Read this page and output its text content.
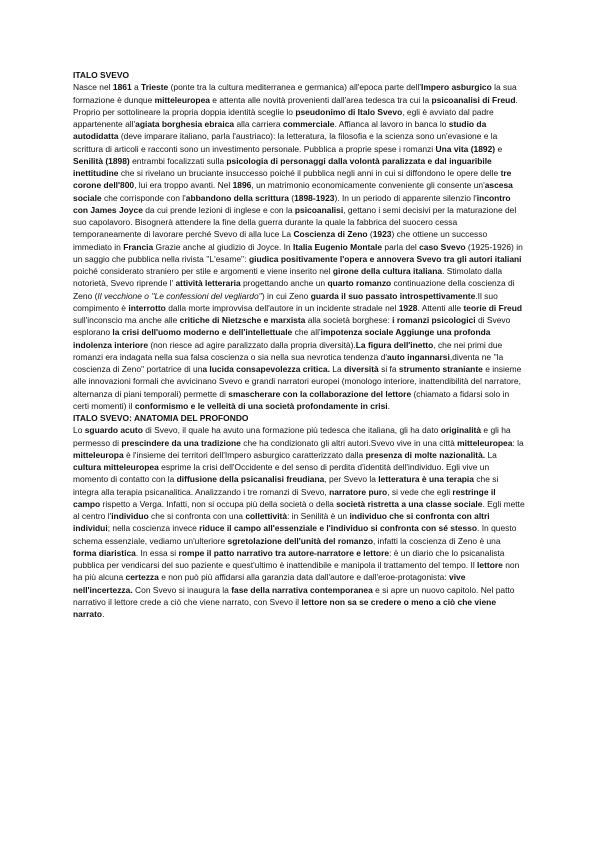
ITALO SVEVO

Nasce nel 1861 a Trieste (ponte tra la cultura mediterranea e germanica) all'epoca parte dell'Impero asburgico la sua formazione è dunque mitteleuropea e attenta alle novità provenienti dall'area tedesca tra cui la psicoanalisi di Freud. Proprio per sottolineare la propria doppia identità sceglie lo pseudonimo di Italo Svevo, egli è avviato dal padre appartenente all'agiata borghesia ebraica alla carriera commerciale. Affianca al lavoro in banca lo studio da autodidatta (deve imparare italiano, parla l'austriaco): la letteratura, la filosofia e la scienza sono un'evasione e la scrittura di articoli e racconti sono un investimento personale. Pubblica a proprie spese i romanzi Una vita (1892) e Senilità (1898) entrambi focalizzati sulla psicologia di personaggi dalla volontà paralizzata e dal inguaribile inettitudine che si rivelano un bruciante insuccesso poiché il pubblica negli anni in cui si diffondono le opere delle tre corone dell'800, lui era troppo avanti. Nel 1896, un matrimonio economicamente conveniente gli consente un'ascesa sociale che corrisponde con l'abbandono della scrittura (1898-1923). In un periodo di apparente silenzio l'incontro con James Joyce da cui prende lezioni di inglese e con la psicoanalisi, gettano i semi decisivi per la maturazione del suo capolavoro. Bisognerà attendere la fine della guerra durante la quale la fabbrica del suocero cessa temporaneamente di lavorare perché Svevo di alla luce La Coscienza di Zeno (1923) che ottiene un successo immediato in Francia Grazie anche al giudizio di Joyce. In Italia Eugenio Montale parla del caso Svevo (1925-1926) in un saggio che pubblica nella rivista ''L'esame'': giudica positivamente l'opera e annovera Svevo tra gli autori italiani poiché considerato straniero per stile e argomenti e viene inserito nel girone della cultura italiana. Stimolato dalla notorietà, Svevo riprende l' attività letteraria progettando anche un quarto romanzo continuazione della coscienza di Zeno (Il vecchione o ''Le confessioni del vegliardo'') in cui Zeno guarda il suo passato introspettivamente.Il suo compimento è interrotto dalla morte improvvisa dell'autore in un incidente stradale nel 1928. Attenti alle teorie di Freud sull'inconscio ma anche alle critiche di Nietzsche e marxista alla società borghese: i romanzi psicologici di Svevo esplorano la crisi dell'uomo moderno e dell'intellettuale che all'impotenza sociale Aggiunge una profonda indolenza interiore (non riesce ad agire paralizzato dalla propria diversità).La figura dell'inetto, che nei primi due romanzi era indagata nella sua falsa coscienza o sia nella sua nevrotica tendenza d'auto ingannarsi,diventa ne ''la coscienza di Zeno'' portatrice di una lucida consapevolezza critica. La diversità si fa strumento straniante e insieme alle innovazioni formali che avvicinano Svevo e grandi narratori europei (monologo interiore, inattendibilità del narratore, alternanza di piani temporali) permette di smascherare con la collaborazione del lettore (chiamato a fidarsi solo in certi momenti) il conformismo e le velleità di una società profondamente in crisi.

ITALO SVEVO: ANATOMIA DEL PROFONDO

Lo sguardo acuto di Svevo, il quale ha avuto una formazione più tedesca che italiana, gli ha dato originalità e gli ha permesso di prescindere da una tradizione che ha condizionato gli altri autori.Svevo vive in una città mitteleuropea: la mitteleuropa è l'insieme dei territori dell'Impero asburgico caratterizzato dalla presenza di molte nazionalità. La cultura mitteleuropea esprime la crisi dell'Occidente e del senso di perdita d'identità dell'individuo. Egli vive un momento di contatto con la diffusione della psicanalisi freudiana, per Svevo la letteratura è una terapia che si integra alla terapia psicanalitica. Analizzando i tre romanzi di Svevo, narratore puro, si vede che egli restringe il campo rispetto a Verga. Infatti, non si occupa più della società o della società ristretta a una classe sociale. Egli mette al centro l'individuo che si confronta con una collettività: in Senilità è un individuo che si confronta con altri individui; nella coscienza invece riduce il campo all'essenziale e l'individuo si confronta con sé stesso. In questo schema essenziale, vediamo un'ulteriore sgretolazione dell'unità del romanzo, infatti la coscienza di Zeno è una forma diaristica. In essa si rompe il patto narrativo tra autore-narratore e lettore: è un diario che lo psicanalista pubblica per vendicarsi del suo paziente e quest'ultimo è inattendibile e manipola il trattamento del tempo. Il lettore non ha più alcuna certezza e non può più affidarsi alla garanzia data dall'autore e dall'eroe-protagonista: vive nell'incertezza. Con Svevo si inaugura la fase della narrativa contemporanea e si apre un nuovo capitolo. Nel patto narrativo il lettore crede a ciò che viene narrato, con Svevo il lettore non sa se credere o meno a ciò che viene narrato.
